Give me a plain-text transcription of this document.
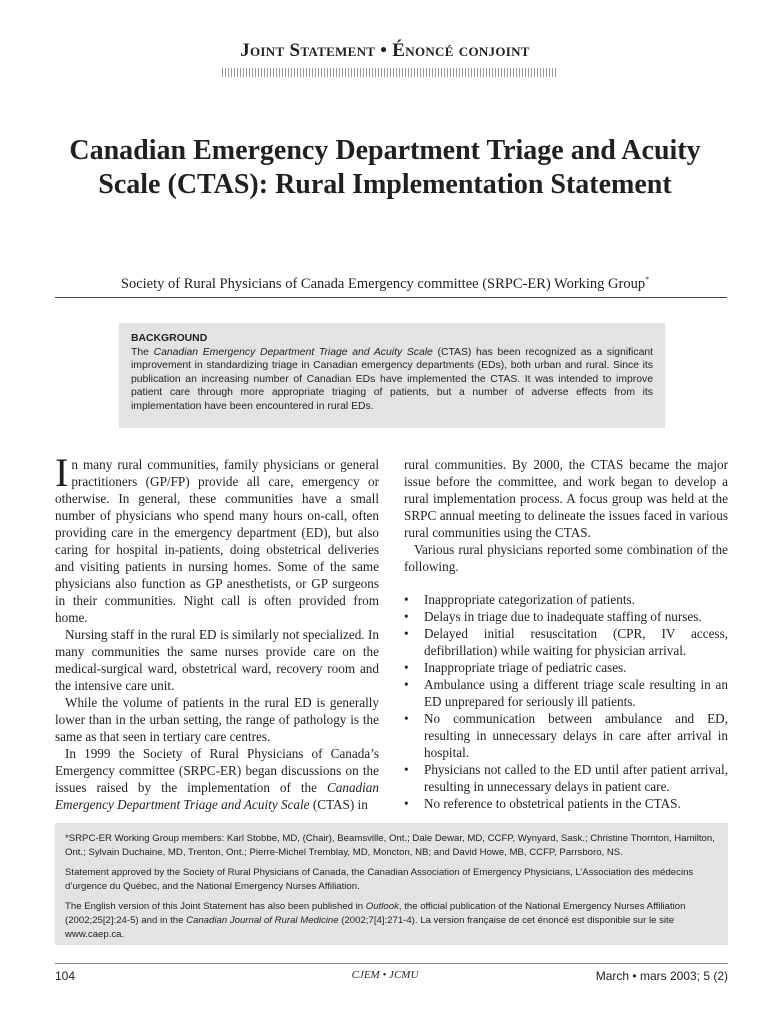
Joint Statement • Énoncé conjoint
Canadian Emergency Department Triage and Acuity
Scale (CTAS): Rural Implementation Statement
Society of Rural Physicians of Canada Emergency committee (SRPC-ER) Working Group*
BACKGROUND
The Canadian Emergency Department Triage and Acuity Scale (CTAS) has been recognized as a significant improvement in standardizing triage in Canadian emergency departments (EDs), both urban and rural. Since its publication an increasing number of Canadian EDs have implemented the CTAS. It was intended to improve patient care through more appropriate triaging of patients, but a number of adverse effects from its implementation have been encountered in rural EDs.

In many rural communities, family physicians or general practitioners (GP/FP) provide all care, emergency or otherwise. In general, these communities have a small number of physicians who spend many hours on-call, often providing care in the emergency department (ED), but also caring for hospital in-patients, doing obstetrical deliveries and visiting patients in nursing homes. Some of the same physicians also function as GP anesthetists, or GP surgeons in their communities. Night call is often provided from home.

Nursing staff in the rural ED is similarly not specialized. In many communities the same nurses provide care on the medical-surgical ward, obstetrical ward, recovery room and the intensive care unit.

While the volume of patients in the rural ED is generally lower than in the urban setting, the range of pathology is the same as that seen in tertiary care centres.

In 1999 the Society of Rural Physicians of Canada’s Emergency committee (SRPC-ER) began discussions on the issues raised by the implementation of the Canadian Emergency Department Triage and Acuity Scale (CTAS) in

rural communities. By 2000, the CTAS became the major issue before the committee, and work began to develop a rural implementation process. A focus group was held at the SRPC annual meeting to delineate the issues faced in various rural communities using the CTAS.

Various rural physicians reported some combination of the following.

• Inappropriate categorization of patients.
• Delays in triage due to inadequate staffing of nurses.
• Delayed initial resuscitation (CPR, IV access, defibrillation) while waiting for physician arrival.
• Inappropriate triage of pediatric cases.
• Ambulance using a different triage scale resulting in an ED unprepared for seriously ill patients.
• No communication between ambulance and ED, resulting in unnecessary delays in care after arrival in hospital.
• Physicians not called to the ED until after patient arrival, resulting in unnecessary delays in patient care.
• No reference to obstetrical patients in the CTAS.

*SRPC-ER Working Group members: Karl Stobbe, MD, (Chair), Beamsville, Ont.; Dale Dewar, MD, CCFP, Wynyard, Sask.; Christine Thornton, Hamilton, Ont.; Sylvain Duchaine, MD, Trenton, Ont.; Pierre-Michel Tremblay, MD, Moncton, NB; and David Howe, MB, CCFP, Parrsboro, NS.

Statement approved by the Society of Rural Physicians of Canada, the Canadian Association of Emergency Physicians, L’Association des médecins d’urgence du Québec, and the National Emergency Nurses Affiliation.

The English version of this Joint Statement has also been published in Outlook, the official publication of the National Emergency Nurses Affiliation (2002;25[2]:24-5) and in the Canadian Journal of Rural Medicine (2002;7[4]:271-4). La version française de cet énoncé est disponible sur le site www.caep.ca.

104	CJEM • JCMU	March • mars 2003; 5 (2)
